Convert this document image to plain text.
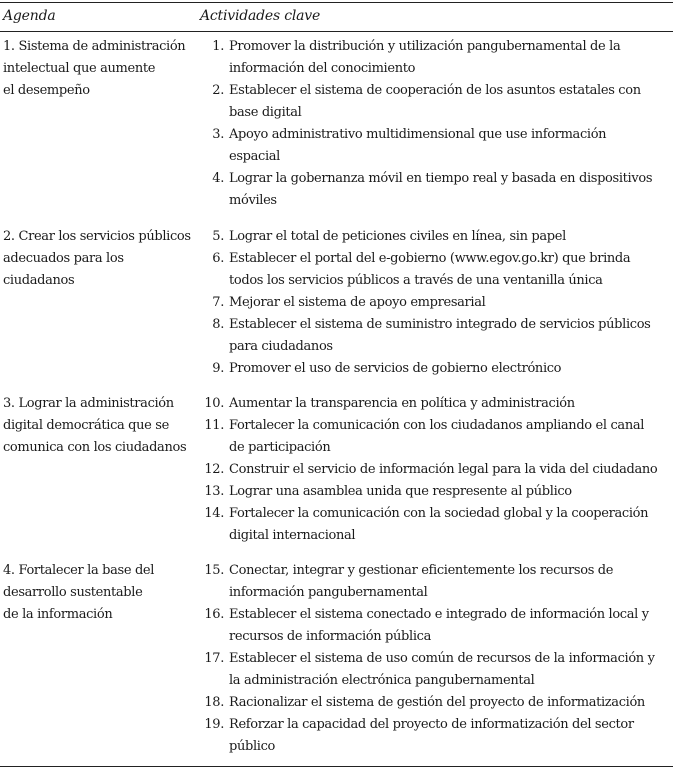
Agenda	Actividades clave
1. Sistema de administración
intelectual que aumente
el desempeño
1. Promover la distribución y utilización pangubernamental de la
información del conocimiento
2. Establecer el sistema de cooperación de los asuntos estatales con
base digital
3. Apoyo administrativo multidimensional que use información
espacial
4. Lograr la gobernanza móvil en tiempo real y basada en dispositivos
móviles
2. Crear los servicios públicos
adecuados para los
ciudadanos
5. Lograr el total de peticiones civiles en línea, sin papel
6. Establecer el portal del e-gobierno (www.egov.go.kr) que brinda
todos los servicios públicos a través de una ventanilla única
7. Mejorar el sistema de apoyo empresarial
8. Establecer el sistema de suministro integrado de servicios públicos
para ciudadanos
9. Promover el uso de servicios de gobierno electrónico
3. Lograr la administración
digital democrática que se
comunica con los ciudadanos
10. Aumentar la transparencia en política y administración
11. Fortalecer la comunicación con los ciudadanos ampliando el canal
de participación
12. Construir el servicio de información legal para la vida del ciudadano
13. Lograr una asamblea unida que respresente al público
14. Fortalecer la comunicación con la sociedad global y la cooperación
digital internacional
4. Fortalecer la base del
desarrollo sustentable
de la información
15. Conectar, integrar y gestionar eficientemente los recursos de
información pangubernamental
16. Establecer el sistema conectado e integrado de información local y
recursos de información pública
17. Establecer el sistema de uso común de recursos de la información y
la administración electrónica pangubernamental
18. Racionalizar el sistema de gestión del proyecto de informatización
19. Reforzar la capacidad del proyecto de informatización del sector
público
